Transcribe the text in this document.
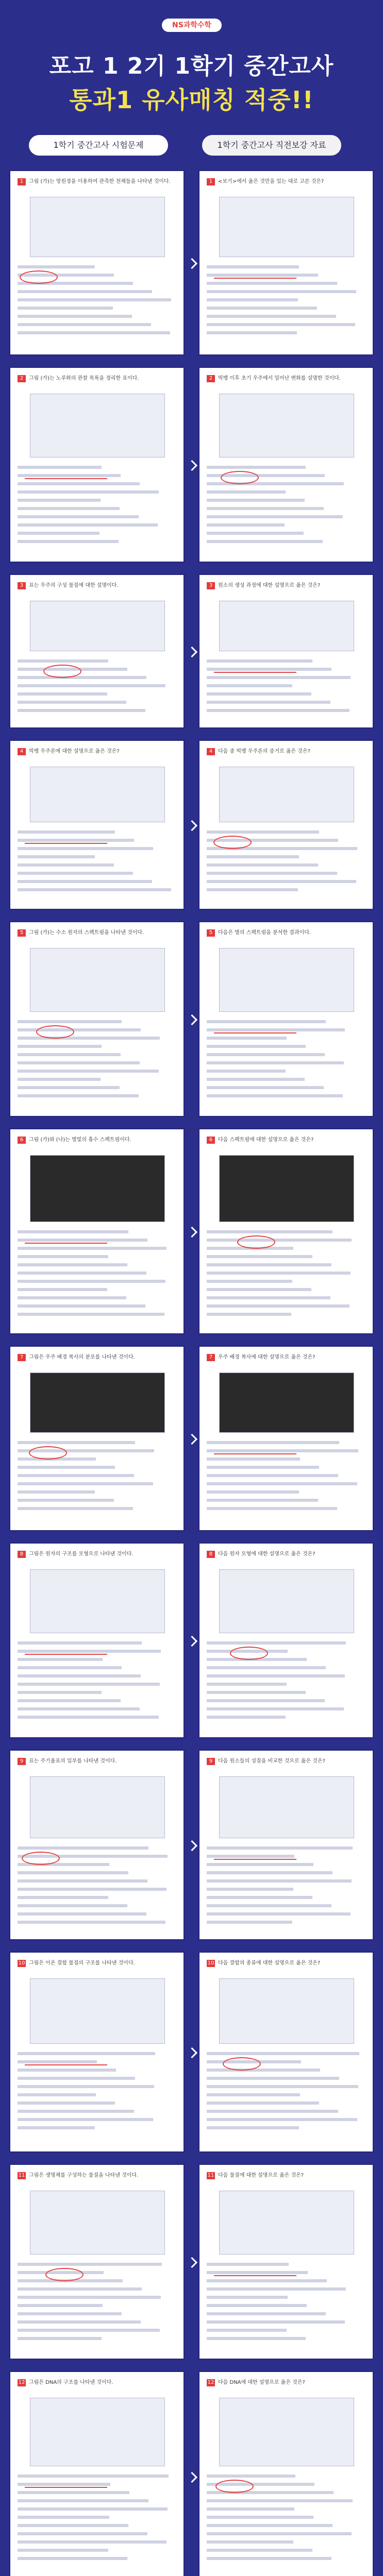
NS과학수학
포고 1 2기 1학기 중간고사
통과1 유사매칭 적중!!
1학기 중간고사 시험문제	1학기 중간고사 직전보강 자료
1	그림 (가)는 망원경을 이용하여 관측한 천체들을 나타낸 것이다.	1	<보기>에서 옳은 것만을 있는 대로 고른 것은?
2	그림 (가)는 노루화의 관찰 목록을 정리한 표이다.	2	빅뱅 이후 초기 우주에서 일어난 변화를 설명한 것이다.
3	표는 우주의 구성 물질에 대한 설명이다.	3	원소의 생성 과정에 대한 설명으로 옳은 것은?
4	빅뱅 우주론에 대한 설명으로 옳은 것은?	4	다음 중 빅뱅 우주론의 증거로 옳은 것은?
5	그림 (가)는 수소 원자의 스펙트럼을 나타낸 것이다.	5	다음은 별의 스펙트럼을 분석한 결과이다.
6	그림 (가)와 (나)는 별빛의 흡수 스펙트럼이다.	6	다음 스펙트럼에 대한 설명으로 옳은 것은?
7	그림은 우주 배경 복사의 분포를 나타낸 것이다.	7	우주 배경 복사에 대한 설명으로 옳은 것은?
8	그림은 원자의 구조를 모형으로 나타낸 것이다.	8	다음 원자 모형에 대한 설명으로 옳은 것은?
9	표는 주기율표의 일부를 나타낸 것이다.	9	다음 원소들의 성질을 비교한 것으로 옳은 것은?
10 그림은 이온 결합 물질의 구조를 나타낸 것이다.	10 다음 결합의 종류에 대한 설명으로 옳은 것은?
11 그림은 생명체를 구성하는 물질을 나타낸 것이다.	11 다음 물질에 대한 설명으로 옳은 것은?
12 그림은 DNA의 구조를 나타낸 것이다.	12 다음 DNA에 대한 설명으로 옳은 것은?
